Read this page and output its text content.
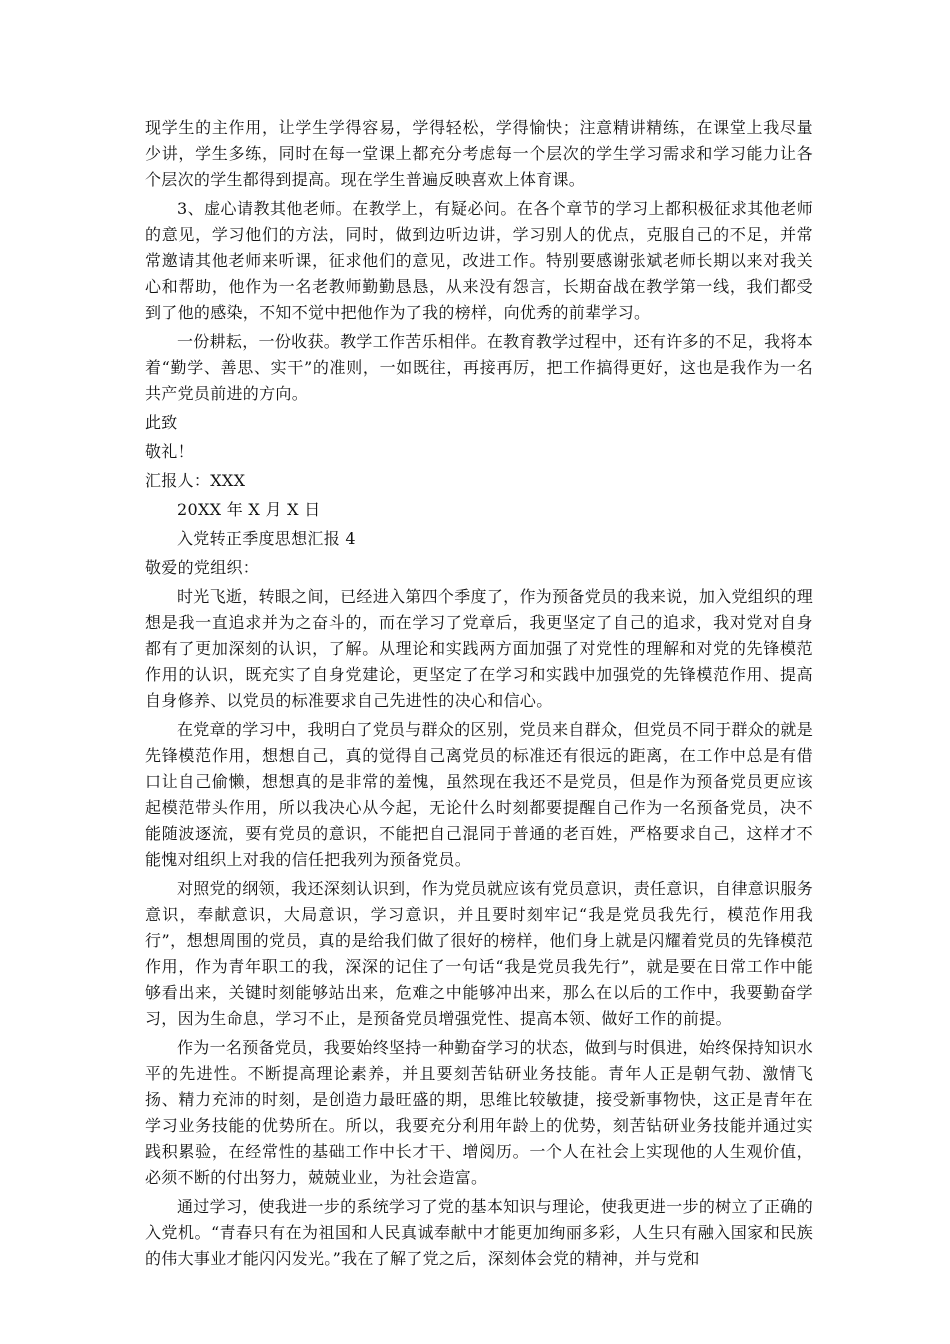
现学生的主作用，让学生学得容易，学得轻松，学得愉快；注意精讲精练，在课堂上我尽量少讲，学生多练，同时在每一堂课上都充分考虑每一个层次的学生学习需求和学习能力让各个层次的学生都得到提高。现在学生普遍反映喜欢上体育课。

3、虚心请教其他老师。在教学上，有疑必问。在各个章节的学习上都积极征求其他老师的意见，学习他们的方法，同时，做到边听边讲，学习别人的优点，克服自己的不足，并常常邀请其他老师来听课，征求他们的意见，改进工作。特别要感谢张斌老师长期以来对我关心和帮助，他作为一名老教师勤勤恳恳，从来没有怨言，长期奋战在教学第一线，我们都受到了他的感染，不知不觉中把他作为了我的榜样，向优秀的前辈学习。

一份耕耘，一份收获。教学工作苦乐相伴。在教育教学过程中，还有许多的不足，我将本着“勤学、善思、实干”的准则，一如既往，再接再厉，把工作搞得更好，这也是我作为一名共产党员前进的方向。

此致
敬礼！
汇报人：XXX
20XX 年 X 月 X 日
入党转正季度思想汇报 4
敬爱的党组织：

时光飞逝，转眼之间，已经进入第四个季度了，作为预备党员的我来说，加入党组织的理想是我一直追求并为之奋斗的，而在学习了党章后，我更坚定了自己的追求，我对党对自身都有了更加深刻的认识，了解。从理论和实践两方面加强了对党性的理解和对党的先锋模范作用的认识，既充实了自身党建论，更坚定了在学习和实践中加强党的先锋模范作用、提高自身修养、以党员的标准要求自己先进性的决心和信心。

在党章的学习中，我明白了党员与群众的区别，党员来自群众，但党员不同于群众的就是先锋模范作用，想想自己，真的觉得自己离党员的标准还有很远的距离，在工作中总是有借口让自己偷懒，想想真的是非常的羞愧，虽然现在我还不是党员，但是作为预备党员更应该起模范带头作用，所以我决心从今起，无论什么时刻都要提醒自己作为一名预备党员，决不能随波逐流，要有党员的意识，不能把自己混同于普通的老百姓，严格要求自己，这样才不能愧对组织上对我的信任把我列为预备党员。

对照党的纲领，我还深刻认识到，作为党员就应该有党员意识，责任意识，自律意识服务意识，奉献意识，大局意识，学习意识，并且要时刻牢记“我是党员我先行，模范作用我行”，想想周围的党员，真的是给我们做了很好的榜样，他们身上就是闪耀着党员的先锋模范作用，作为青年职工的我，深深的记住了一句话“我是党员我先行”，就是要在日常工作中能够看出来，关键时刻能够站出来，危难之中能够冲出来，那么在以后的工作中，我要勤奋学习，因为生命息，学习不止，是预备党员增强党性、提高本领、做好工作的前提。

作为一名预备党员，我要始终坚持一种勤奋学习的状态，做到与时俱进，始终保持知识水平的先进性。不断提高理论素养，并且要刻苦钻研业务技能。青年人正是朝气勃、激情飞扬、精力充沛的时刻，是创造力最旺盛的期，思维比较敏捷，接受新事物快，这正是青年在学习业务技能的优势所在。所以，我要充分利用年龄上的优势，刻苦钻研业务技能并通过实践积累验，在经常性的基础工作中长才干、增阅历。一个人在社会上实现他的人生观价值，必须不断的付出努力，兢兢业业，为社会造富。

通过学习，使我进一步的系统学习了党的基本知识与理论，使我更进一步的树立了正确的入党机。“青春只有在为祖国和人民真诚奉献中才能更加绚丽多彩，人生只有融入国家和民族的伟大事业才能闪闪发光。”我在了解了党之后，深刻体会党的精神，并与党和
